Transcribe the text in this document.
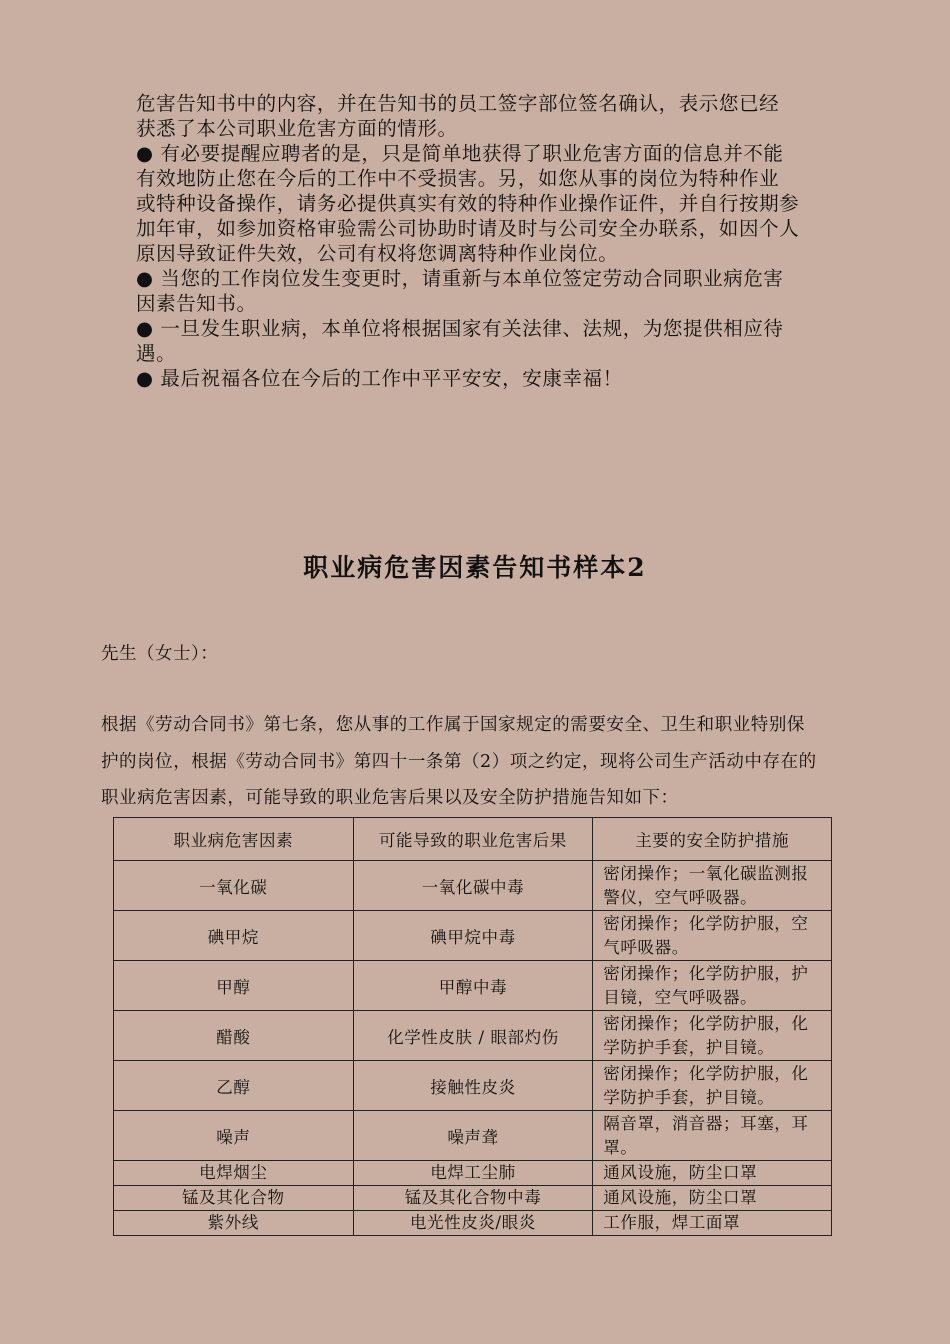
危害告知书中的内容，并在告知书的员工签字部位签名确认，表示您已经

获悉了本公司职业危害方面的情形。

● 有必要提醒应聘者的是，只是简单地获得了职业危害方面的信息并不能

有效地防止您在今后的工作中不受损害。另，如您从事的岗位为特种作业

或特种设备操作，请务必提供真实有效的特种作业操作证件，并自行按期参

加年审，如参加资格审验需公司协助时请及时与公司安全办联系，如因个人

原因导致证件失效，公司有权将您调离特种作业岗位。

● 当您的工作岗位发生变更时，请重新与本单位签定劳动合同职业病危害

因素告知书。

● 一旦发生职业病，本单位将根据国家有关法律、法规，为您提供相应待

遇。

● 最后祝福各位在今后的工作中平平安安，安康幸福！

职业病危害因素告知书样本2
先生（女士）：

根据《劳动合同书》第七条，您从事的工作属于国家规定的需要安全、卫生和职业特别保

护的岗位，根据《劳动合同书》第四十一条第（2）项之约定，现将公司生产活动中存在的

职业病危害因素，可能导致的职业危害后果以及安全防护措施告知如下：

职业病危害因素	可能导致的职业危害后果	主要的安全防护措施
一氧化碳	一氧化碳中毒	密闭操作；一氧化碳监测报警仪，空气呼吸器。
碘甲烷	碘甲烷中毒	密闭操作；化学防护服，空气呼吸器。
甲醇	甲醇中毒	密闭操作；化学防护服，护目镜，空气呼吸器。
醋酸	化学性皮肤 / 眼部灼伤	密闭操作；化学防护服，化学防护手套，护目镜。
乙醇	接触性皮炎	密闭操作；化学防护服，化学防护手套，护目镜。
噪声	噪声聋	隔音罩，消音器；耳塞，耳罩。
电焊烟尘	电焊工尘肺	通风设施，防尘口罩
锰及其化合物	锰及其化合物中毒	通风设施，防尘口罩
紫外线	电光性皮炎/眼炎	工作服，焊工面罩
